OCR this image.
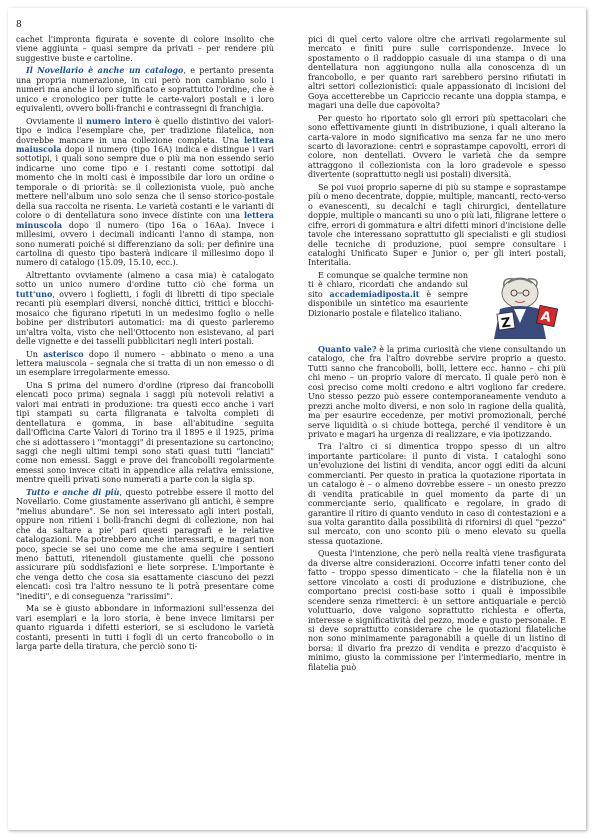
8

cachet l'impronta figurata e sovente di colore insolito che viene aggiunta – quasi sempre da privati – per rendere più suggestive buste e cartoline.

Il Novellario è anche un catalogo, e pertanto presenta una propria numerazione, in cui però non cambiano solo i numeri ma anche il loro significato e soprattutto l'ordine, che è unico e cronologico per tutte le carte-valori postali e i loro equivalenti, ovvero bolli-franchi e contrassegni di franchigia.

Ovviamente il numero intero è quello distintivo dei valori-tipo e indica l'esemplare che, per tradizione filatelica, non dovrebbe mancare in una collezione completa. Una lettera maiuscola dopo il numero (tipo 16A) indica e distingue i vari sottotipi, i quali sono sempre due o più ma non essendo serio indicarne uno come tipo e i restanti come sottotipi dal momento che in molti casi è impossibile dar loro un ordine o temporale o di priorità: se il collezionista vuole, può anche mettere nell'album uno solo senza che il senso storico-postale della sua raccolta ne risenta. Le varietà costanti e le varianti di colore o di dentellatura sono invece distinte con una lettera minuscola dopo il numero (tipo 16a o 16Aa). Invece i millesimi, ovvero i decimali indicanti l'anno di stampa, non sono numerati poiché si differenziano da soli: per definire una cartolina di questo tipo basterà indicare il millesimo dopo il numero di catalogo (15.09, 15.10, ecc.).

Altrettanto ovviamente (almeno a casa mia) è catalogato sotto un unico numero d'ordine tutto ciò che forma un tutt'uno, ovvero i foglietti, i fogli di libretti di tipo speciale recanti più esemplari diversi, nonché dittici, trittici e blocchi-mosaico che figurano ripetuti in un medesimo foglio o nelle bobine per distributori automatici: ma di questo parleremo un'altra volta, visto che nell'Ottocento non esistevano, al pari delle vignette e dei tasselli pubblicitari negli interi postali.

Un asterisco dopo il numero – abbinato o meno a una lettera maiuscola – segnala che si tratta di un non emesso o di un esemplare irregolarmente emesso.

Una S prima del numero d'ordine (ripreso dai francobolli elencati poco prima) segnala i saggi più notevoli relativi a valori mai entrati in produzione: tra questi ecco anche i vari tipi stampati su carta filigranata e talvolta completi di dentellatura e gomma, in base all'abitudine seguita dall'Officina Carte Valori di Torino tra il 1895 e il 1925, prima che si adottassero i "montaggi" di presentazione su cartoncino; saggi che negli ultimi tempi sono stati quasi tutti "lanciati" come non emessi. Saggi e prove dei francobolli regolarmente emessi sono invece citati in appendice alla relativa emissione, mentre quelli privati sono numerati a parte con la sigla sp.

Tutto e anche di più, questo potrebbe essere il motto del Novellario. Come giustamente asserivano gli antichi, è sempre "melius abundare". Se non sei interessato agli interi postali, oppure non ritieni i bolli-franchi degni di collezione, non hai che da saltare a pie' pari questi paragrafi e le relative catalogazioni. Ma potrebbero anche interessarti, e magari non poco, specie se sei uno come me che ama seguire i sentieri meno battuti, ritenendoli giustamente quelli che possono assicurare più soddisfazioni e liete sorprese. L'importante è che venga detto che cosa sia esattamente ciascuno dei pezzi elencati: così tra l'altro nessuno te li potrà presentare come "inediti", e di conseguenza "rarissimi".

Ma se è giusto abbondare in informazioni sull'essenza dei vari esemplari e la loro storia, è bene invece limitarsi per quanto riguarda i difetti esteriori, se si escludono le varietà costanti, presenti in tutti i fogli di un certo francobollo o in larga parte della tiratura, che perciò sono ti-

pici di quel certo valore oltre che arrivati regolarmente sul mercato e finiti pure sulle corrispondenze. Invece lo spostamento o il raddoppio casuale di una stampa o di una dentellatura non aggiungono nulla alla conoscenza di un francobollo, e per quanto rari sarebbero persino rifiutati in altri settori collezionistici: quale appassionato di incisioni del Goya accetterebbe un Capriccio recante una doppia stampa, e magari una delle due capovolta?

Per questo ho riportato solo gli errori più spettacolari che sono effettivamente giunti in distribuzione, i quali alterano la carta-valore in modo significativo ma senza far ne uno mero scarto di lavorazione: centri e soprastampe capovolti, errori di colore, non dentellati. Ovvero le varietà che da sempre attraggono il collezionista con la loro gradevole e spesso divertente (soprattutto negli usi postali) diversità.

Se poi vuoi proprio saperne di più su stampe e soprastampe più o meno decentrate, doppie, multiple, mancanti, recto-verso o evanescenti, su decalchi e tagli chirurgici, dentellature doppie, multiple o mancanti su uno o più lati, filigrane lettere o cifre, errori di gommatura e altri difetti minori d'incisione delle tavole che interessano soprattutto gli specialisti e gli studiosi delle tecniche di produzione, puoi sempre consultare i cataloghi Unificato Super e Junior o, per gli interi postali, Interitalia.

Z A
E comunque se qualche termine non ti è chiaro, ricordati che andando sul sito accademiadiposta.it è sempre disponibile un sintetico ma esauriente Dizionario postale e filatelico italiano.

Quanto vale? è la prima curiosità che viene consultando un catalogo, che fra l'altro dovrebbe servire proprio a questo. Tutti sanno che francobolli, bolli, lettere ecc. hanno – chi più chi meno – un proprio valore di mercato. Il quale però non è così preciso come molti credono e altri vogliono far credere. Uno stesso pezzo può essere contemporaneamente venduto a prezzi anche molto diversi, e non solo in ragione della qualità, ma per esaurire eccedenze, per motivi promozionali, perché serve liquidità o si chiude bottega, perché il venditore è un privato e magari ha urgenza di realizzare, e via ipotizzando.

Tra l'altro ci si dimentica troppo spesso di un altro importante particolare: il punto di vista. I cataloghi sono un'evoluzione dei listini di vendita, ancor oggi editi da alcuni commercianti. Per questo in pratica la quotazione riportata in un catalogo è – o almeno dovrebbe essere – un onesto prezzo di vendita praticabile in quel momento da parte di un commerciante serio, qualificato e regolare, in grado di garantire il ritiro di quanto venduto in caso di contestazioni e a sua volta garantito dalla possibilità di rifornirsi di quel "pezzo" sul mercato, con uno sconto più o meno elevato su quella stessa quotazione.

Questa l'intenzione, che però nella realtà viene trasfigurata da diverse altre considerazioni. Occorre infatti tener conto del fatto – troppo spesso dimenticato – che la filatelia non è un settore vincolato a costi di produzione e distribuzione, che comportano precisi costi-base sotto i quali è impossibile scendere senza rimetterci: è un settore antiquariale e perciò voluttuario, dove valgono soprattutto richiesta e offerta, interesse e significatività del pezzo, mode e gusto personale. E si deve soprattutto considerare che le quotazioni filateliche non sono minimamente paragonabili a quelle di un listino di borsa: il divario fra prezzo di vendita e prezzo d'acquisto è minimo, giusto la commissione per l'intermediario, mentre in filatelia può
